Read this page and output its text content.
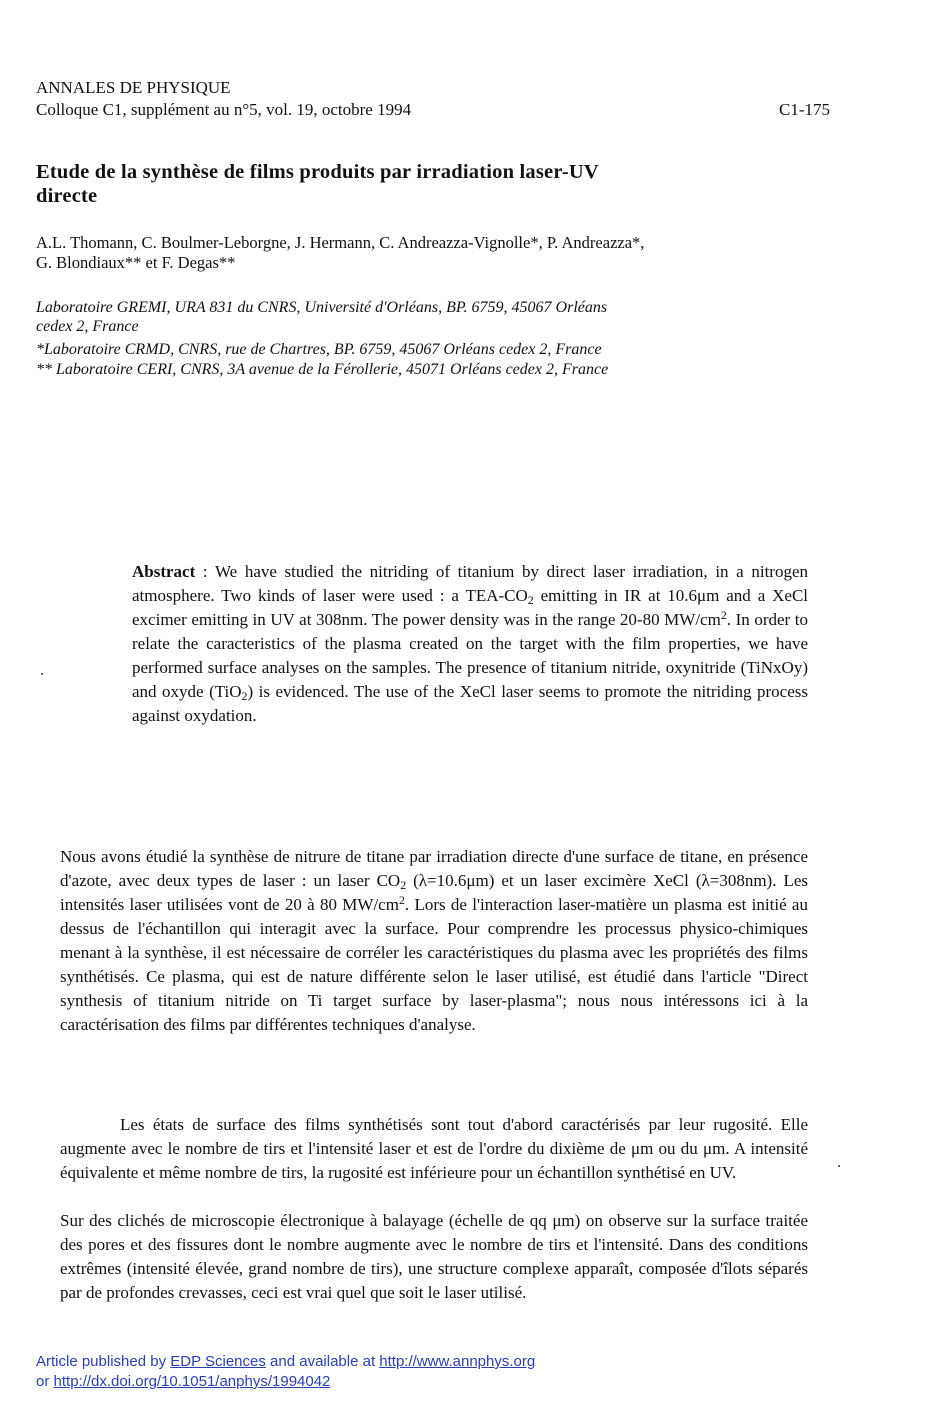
ANNALES DE PHYSIQUE
Colloque C1, supplément au n°5, vol. 19, octobre 1994	C1-175
Etude de la synthèse de films produits par irradiation laser-UV
directe
A.L. Thomann, C. Boulmer-Leborgne, J. Hermann, C. Andreazza-Vignolle*, P. Andreazza*,
G. Blondiaux** et F. Degas**
Laboratoire GREMI, URA 831 du CNRS, Université d'Orléans, BP. 6759, 45067 Orléans
cedex 2, France
*Laboratoire CRMD, CNRS, rue de Chartres, BP. 6759, 45067 Orléans cedex 2, France
** Laboratoire CERI, CNRS, 3A avenue de la Férollerie, 45071 Orléans cedex 2, France
Abstract : We have studied the nitriding of titanium by direct laser irradiation, in a nitrogen atmosphere. Two kinds of laser were used : a TEA-$CO_2$ emitting in IR at 10.6μm and a XeCl excimer emitting in UV at 308nm. The power density was in the range 20-80 $MW/cm^2$. In order to relate the caracteristics of the plasma created on the target with the film properties, we have performed surface analyses on the samples. The presence of titanium nitride, oxynitride (TiNxOy) and oxyde (TiO$_2$) is evidenced. The use of the XeCl laser seems to promote the nitriding process against oxydation.
Nous avons étudié la synthèse de nitrure de titane par irradiation directe d'une surface de titane, en présence d'azote, avec deux types de laser : un laser $CO_2$ (λ=10.6μm) et un laser excimère XeCl (λ=308nm). Les intensités laser utilisées vont de 20 à 80 $MW/cm^2$. Lors de l'interaction laser-matière un plasma est initié au dessus de l'échantillon qui interagit avec la surface. Pour comprendre les processus physico-chimiques menant à la synthèse, il est nécessaire de corréler les caractéristiques du plasma avec les propriétés des films synthétisés. Ce plasma, qui est de nature différente selon le laser utilisé, est étudié dans l'article "Direct synthesis of titanium nitride on Ti target surface by laser-plasma"; nous nous intéressons ici à la caractérisation des films par différentes techniques d'analyse.
Les états de surface des films synthétisés sont tout d'abord caractérisés par leur rugosité. Elle augmente avec le nombre de tirs et l'intensité laser et est de l'ordre du dixième de μm ou du μm. A intensité équivalente et même nombre de tirs, la rugosité est inférieure pour un échantillon synthétisé en UV.
Sur des clichés de microscopie électronique à balayage (échelle de qq μm) on observe sur la surface traitée des pores et des fissures dont le nombre augmente avec le nombre de tirs et l'intensité. Dans des conditions extrêmes (intensité élevée, grand nombre de tirs), une structure complexe apparaît, composée d'îlots séparés par de profondes crevasses, ceci est vrai quel que soit le laser utilisé.
Article published by EDP Sciences and available at http://www.annphys.org
or http://dx.doi.org/10.1051/anphys/1994042
